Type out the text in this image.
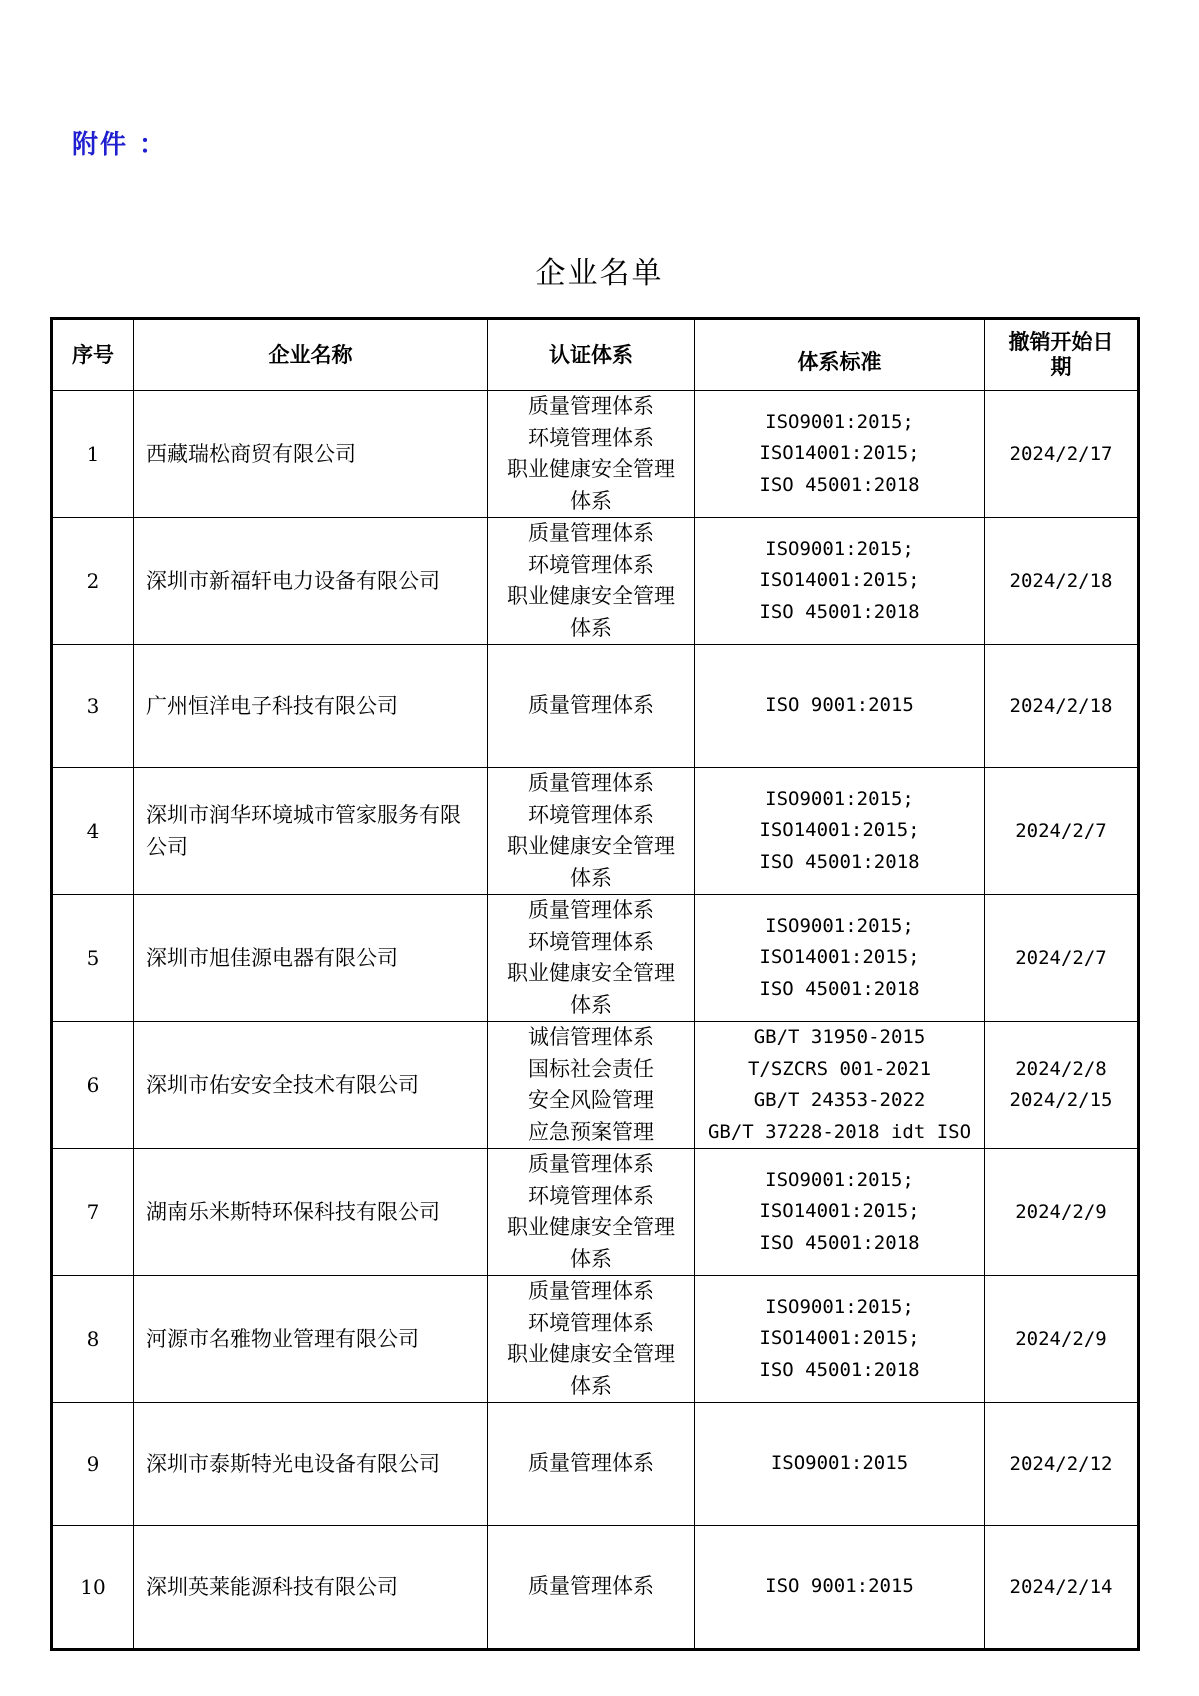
附件 ：
企业名单
序号	企业名称	认证体系	体系标准	撤销开始日
期

1	西藏瑞松商贸有限公司	质量管理体系
环境管理体系
职业健康安全管理
体系	ISO9001:2015;
ISO14001:2015;
ISO 45001:2018	2024/2/17

2	深圳市新福轩电力设备有限公司	质量管理体系
环境管理体系
职业健康安全管理
体系	ISO9001:2015;
ISO14001:2015;
ISO 45001:2018	2024/2/18

3	广州恒洋电子科技有限公司	质量管理体系	ISO 9001:2015	2024/2/18

4	深圳市润华环境城市管家服务有限公司	质量管理体系
环境管理体系
职业健康安全管理
体系	ISO9001:2015;
ISO14001:2015;
ISO 45001:2018	2024/2/7

5	深圳市旭佳源电器有限公司	质量管理体系
环境管理体系
职业健康安全管理
体系	ISO9001:2015;
ISO14001:2015;
ISO 45001:2018	2024/2/7

6	深圳市佑安安全技术有限公司	诚信管理体系
国标社会责任
安全风险管理
应急预案管理	GB/T 31950-2015
T/SZCRS 001-2021
GB/T 24353-2022
GB/T 37228-2018 idt ISO	2024/2/8
2024/2/15

7	湖南乐米斯特环保科技有限公司	质量管理体系
环境管理体系
职业健康安全管理
体系	ISO9001:2015;
ISO14001:2015;
ISO 45001:2018	2024/2/9

8	河源市名雅物业管理有限公司	质量管理体系
环境管理体系
职业健康安全管理
体系	ISO9001:2015;
ISO14001:2015;
ISO 45001:2018	2024/2/9

9	深圳市泰斯特光电设备有限公司	质量管理体系	ISO9001:2015	2024/2/12

10	深圳英莱能源科技有限公司	质量管理体系	ISO 9001:2015	2024/2/14
